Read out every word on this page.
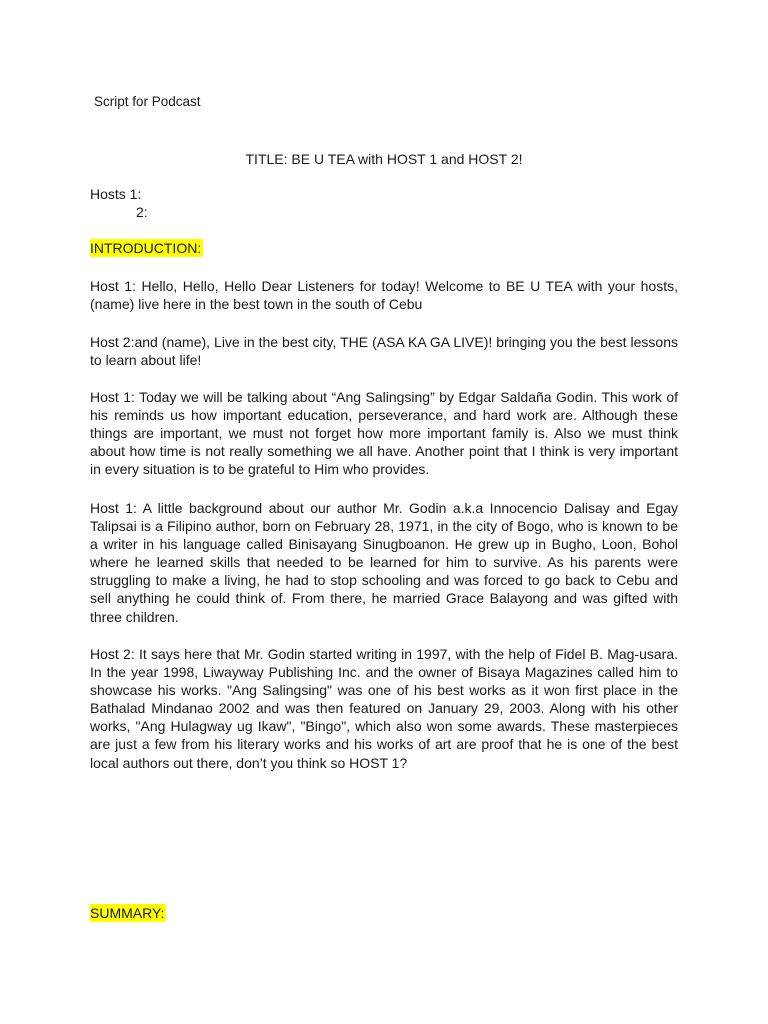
Script for Podcast
TITLE: BE U TEA with HOST 1 and HOST 2!
Hosts 1:
2:
INTRODUCTION:
Host 1: Hello, Hello, Hello Dear Listeners for today! Welcome to BE U TEA with your hosts, (name) live here in the best town in the south of Cebu
Host 2:and (name), Live in the best city, THE (ASA KA GA LIVE)! bringing you the best lessons to learn about life!
Host 1: Today we will be talking about “Ang Salingsing” by Edgar Saldaña Godin. This work of his reminds us how important education, perseverance, and hard work are. Although these things are important, we must not forget how more important family is. Also we must think about how time is not really something we all have. Another point that I think is very important in every situation is to be grateful to Him who provides.
Host 1: A little background about our author Mr. Godin a.k.a Innocencio Dalisay and Egay Talipsai is a Filipino author, born on February 28, 1971, in the city of Bogo, who is known to be a writer in his language called Binisayang Sinugboanon. He grew up in Bugho, Loon, Bohol where he learned skills that needed to be learned for him to survive. As his parents were struggling to make a living, he had to stop schooling and was forced to go back to Cebu and sell anything he could think of. From there, he married Grace Balayong and was gifted with three children.
Host 2: It says here that Mr. Godin started writing in 1997, with the help of Fidel B. Mag-usara. In the year 1998, Liwayway Publishing Inc. and the owner of Bisaya Magazines called him to showcase his works. "Ang Salingsing" was one of his best works as it won first place in the Bathalad Mindanao 2002 and was then featured on January 29, 2003. Along with his other works, "Ang Hulagway ug Ikaw", "Bingo", which also won some awards. These masterpieces are just a few from his literary works and his works of art are proof that he is one of the best local authors out there, don’t you think so HOST 1?
SUMMARY:
